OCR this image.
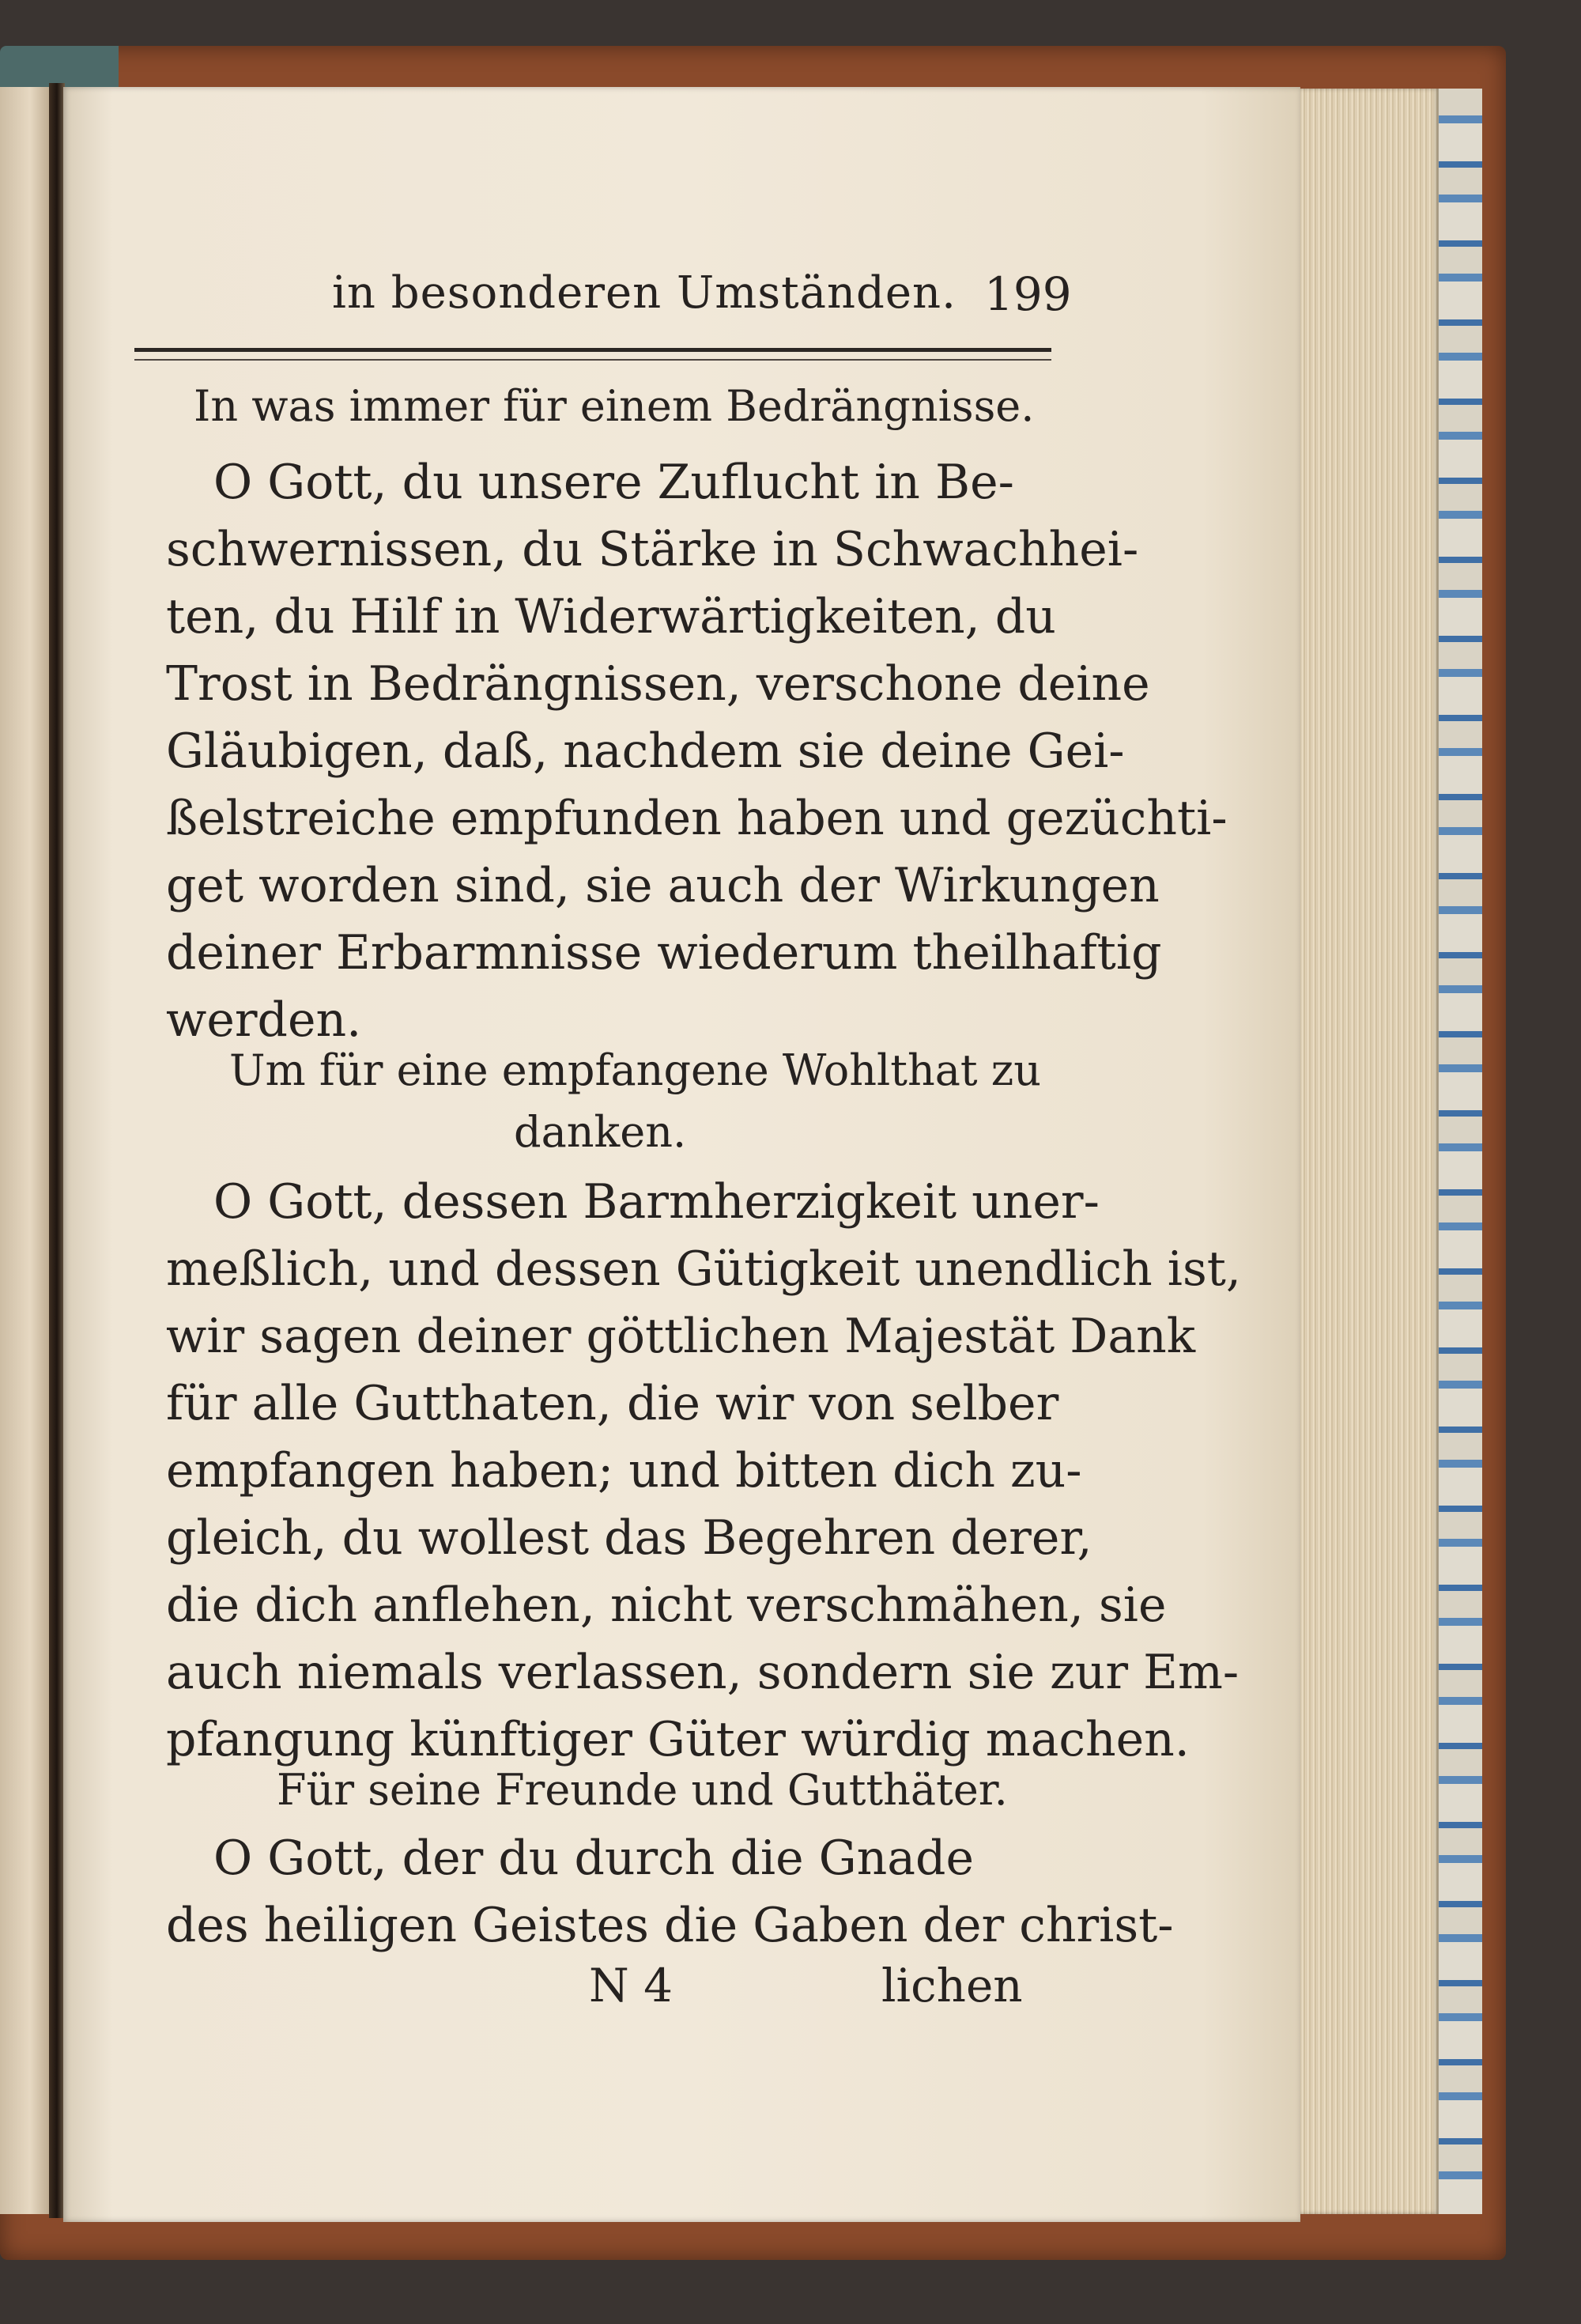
in besonderen Umständen. 199
In was immer für einem Bedrängnisse.
O Gott, du unsere Zuflucht in Be-
schwernissen, du Stärke in Schwachhei-
ten, du Hilf in Widerwärtigkeiten, du
Trost in Bedrängnissen, verschone deine
Gläubigen, daß, nachdem sie deine Gei-
ßelstreiche empfunden haben und gezüchti-
get worden sind, sie auch der Wirkungen
deiner Erbarmnisse wiederum theilhaftig
werden.
Um für eine empfangene Wohlthat zu
danken.
O Gott, dessen Barmherzigkeit uner-
meßlich, und dessen Gütigkeit unendlich ist,
wir sagen deiner göttlichen Majestät Dank
für alle Gutthaten, die wir von selber
empfangen haben; und bitten dich zu-
gleich, du wollest das Begehren derer,
die dich anflehen, nicht verschmähen, sie
auch niemals verlassen, sondern sie zur Em-
pfangung künftiger Güter würdig machen.
Für seine Freunde und Gutthäter.
O Gott, der du durch die Gnade
des heiligen Geistes die Gaben der christ-
N 4	lichen
